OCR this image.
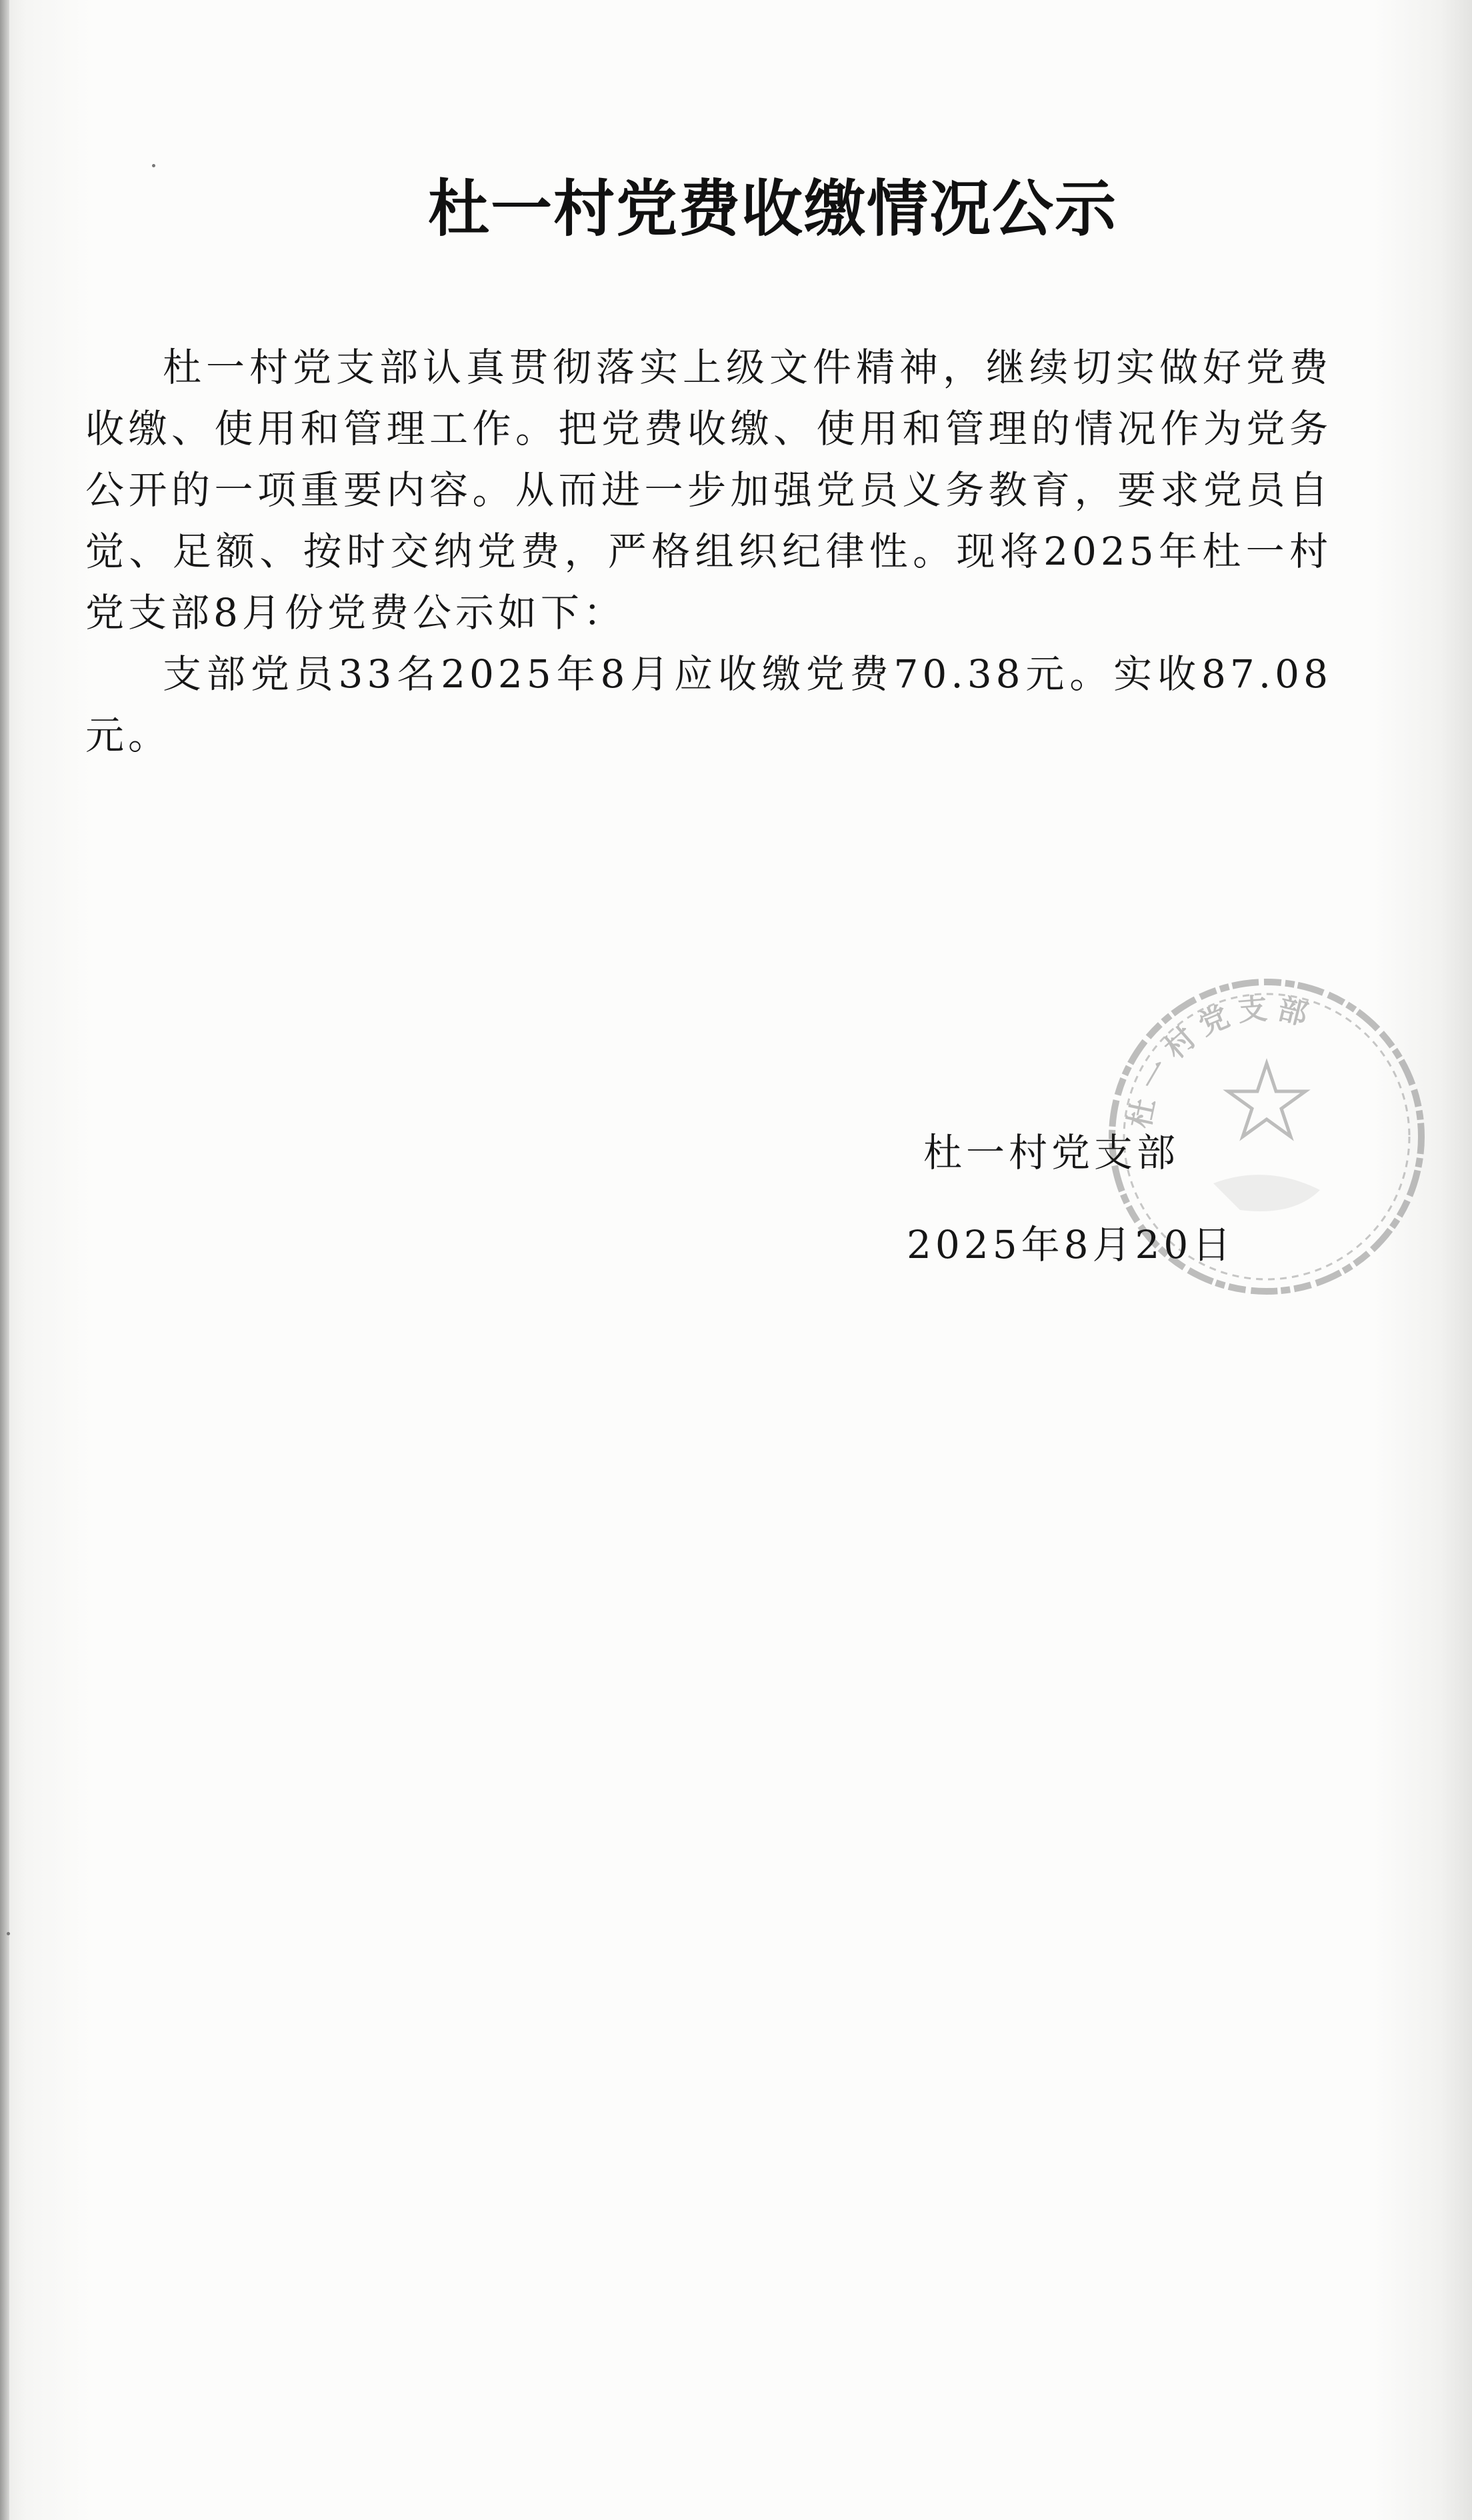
杜一村党费收缴情况公示

杜一村党支部认真贯彻落实上级文件精神，继续切实做好党费收缴、使用和管理工作。把党费收缴、使用和管理的情况作为党务公开的一项重要内容。从而进一步加强党员义务教育，要求党员自觉、足额、按时交纳党费，严格组织纪律性。现将2025年杜一村党支部8月份党费公示如下：

支部党员33名2025年8月应收缴党费70.38元。实收87.08元。

杜一村党支部
杜一村党支部
2025年8月20日
